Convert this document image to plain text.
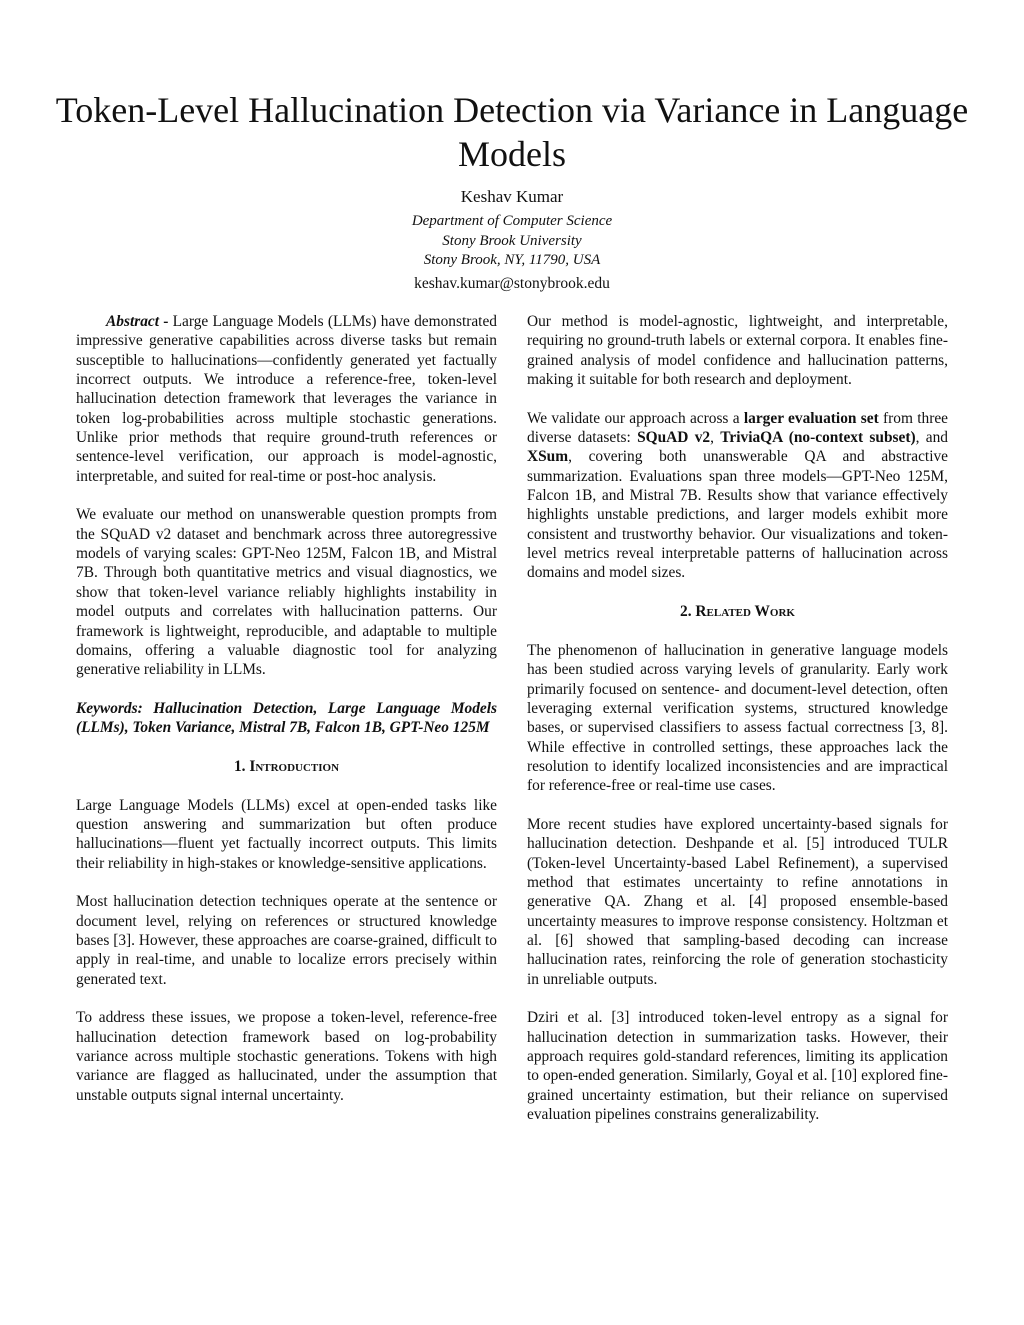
Token-Level Hallucination Detection via Variance in Language Models
Keshav Kumar
Department of Computer Science
Stony Brook University
Stony Brook, NY, 11790, USA
keshav.kumar@stonybrook.edu

Abstract - Large Language Models (LLMs) have demonstrated impressive generative capabilities across diverse tasks but remain susceptible to hallucinations—confidently generated yet factually incorrect outputs. We introduce a reference-free, token-level hallucination detection framework that leverages the variance in token log-probabilities across multiple stochastic generations. Unlike prior methods that require ground-truth references or sentence-level verification, our approach is model-agnostic, interpretable, and suited for real-time or post-hoc analysis.

We evaluate our method on unanswerable question prompts from the SQuAD v2 dataset and benchmark across three autoregressive models of varying scales: GPT-Neo 125M, Falcon 1B, and Mistral 7B. Through both quantitative metrics and visual diagnostics, we show that token-level variance reliably highlights instability in model outputs and correlates with hallucination patterns. Our framework is lightweight, reproducible, and adaptable to multiple domains, offering a valuable diagnostic tool for analyzing generative reliability in LLMs.

Keywords: Hallucination Detection, Large Language Models (LLMs), Token Variance, Mistral 7B, Falcon 1B, GPT-Neo 125M

1. Introduction

Large Language Models (LLMs) excel at open-ended tasks like question answering and summarization but often produce hallucinations—fluent yet factually incorrect outputs. This limits their reliability in high-stakes or knowledge-sensitive applications.

Most hallucination detection techniques operate at the sentence or document level, relying on references or structured knowledge bases [3]. However, these approaches are coarse-grained, difficult to apply in real-time, and unable to localize errors precisely within generated text.

To address these issues, we propose a token-level, reference-free hallucination detection framework based on log-probability variance across multiple stochastic generations. Tokens with high variance are flagged as hallucinated, under the assumption that unstable outputs signal internal uncertainty.

Our method is model-agnostic, lightweight, and interpretable, requiring no ground-truth labels or external corpora. It enables fine-grained analysis of model confidence and hallucination patterns, making it suitable for both research and deployment.

We validate our approach across a larger evaluation set from three diverse datasets: SQuAD v2, TriviaQA (no-context subset), and XSum, covering both unanswerable QA and abstractive summarization. Evaluations span three models—GPT-Neo 125M, Falcon 1B, and Mistral 7B. Results show that variance effectively highlights unstable predictions, and larger models exhibit more consistent and trustworthy behavior. Our visualizations and token-level metrics reveal interpretable patterns of hallucination across domains and model sizes.

2. Related Work

The phenomenon of hallucination in generative language models has been studied across varying levels of granularity. Early work primarily focused on sentence- and document-level detection, often leveraging external verification systems, structured knowledge bases, or supervised classifiers to assess factual correctness [3, 8]. While effective in controlled settings, these approaches lack the resolution to identify localized inconsistencies and are impractical for reference-free or real-time use cases.

More recent studies have explored uncertainty-based signals for hallucination detection. Deshpande et al. [5] introduced TULR (Token-level Uncertainty-based Label Refinement), a supervised method that estimates uncertainty to refine annotations in generative QA. Zhang et al. [4] proposed ensemble-based uncertainty measures to improve response consistency. Holtzman et al. [6] showed that sampling-based decoding can increase hallucination rates, reinforcing the role of generation stochasticity in unreliable outputs.

Dziri et al. [3] introduced token-level entropy as a signal for hallucination detection in summarization tasks. However, their approach requires gold-standard references, limiting its application to open-ended generation. Similarly, Goyal et al. [10] explored fine-grained uncertainty estimation, but their reliance on supervised evaluation pipelines constrains generalizability.
